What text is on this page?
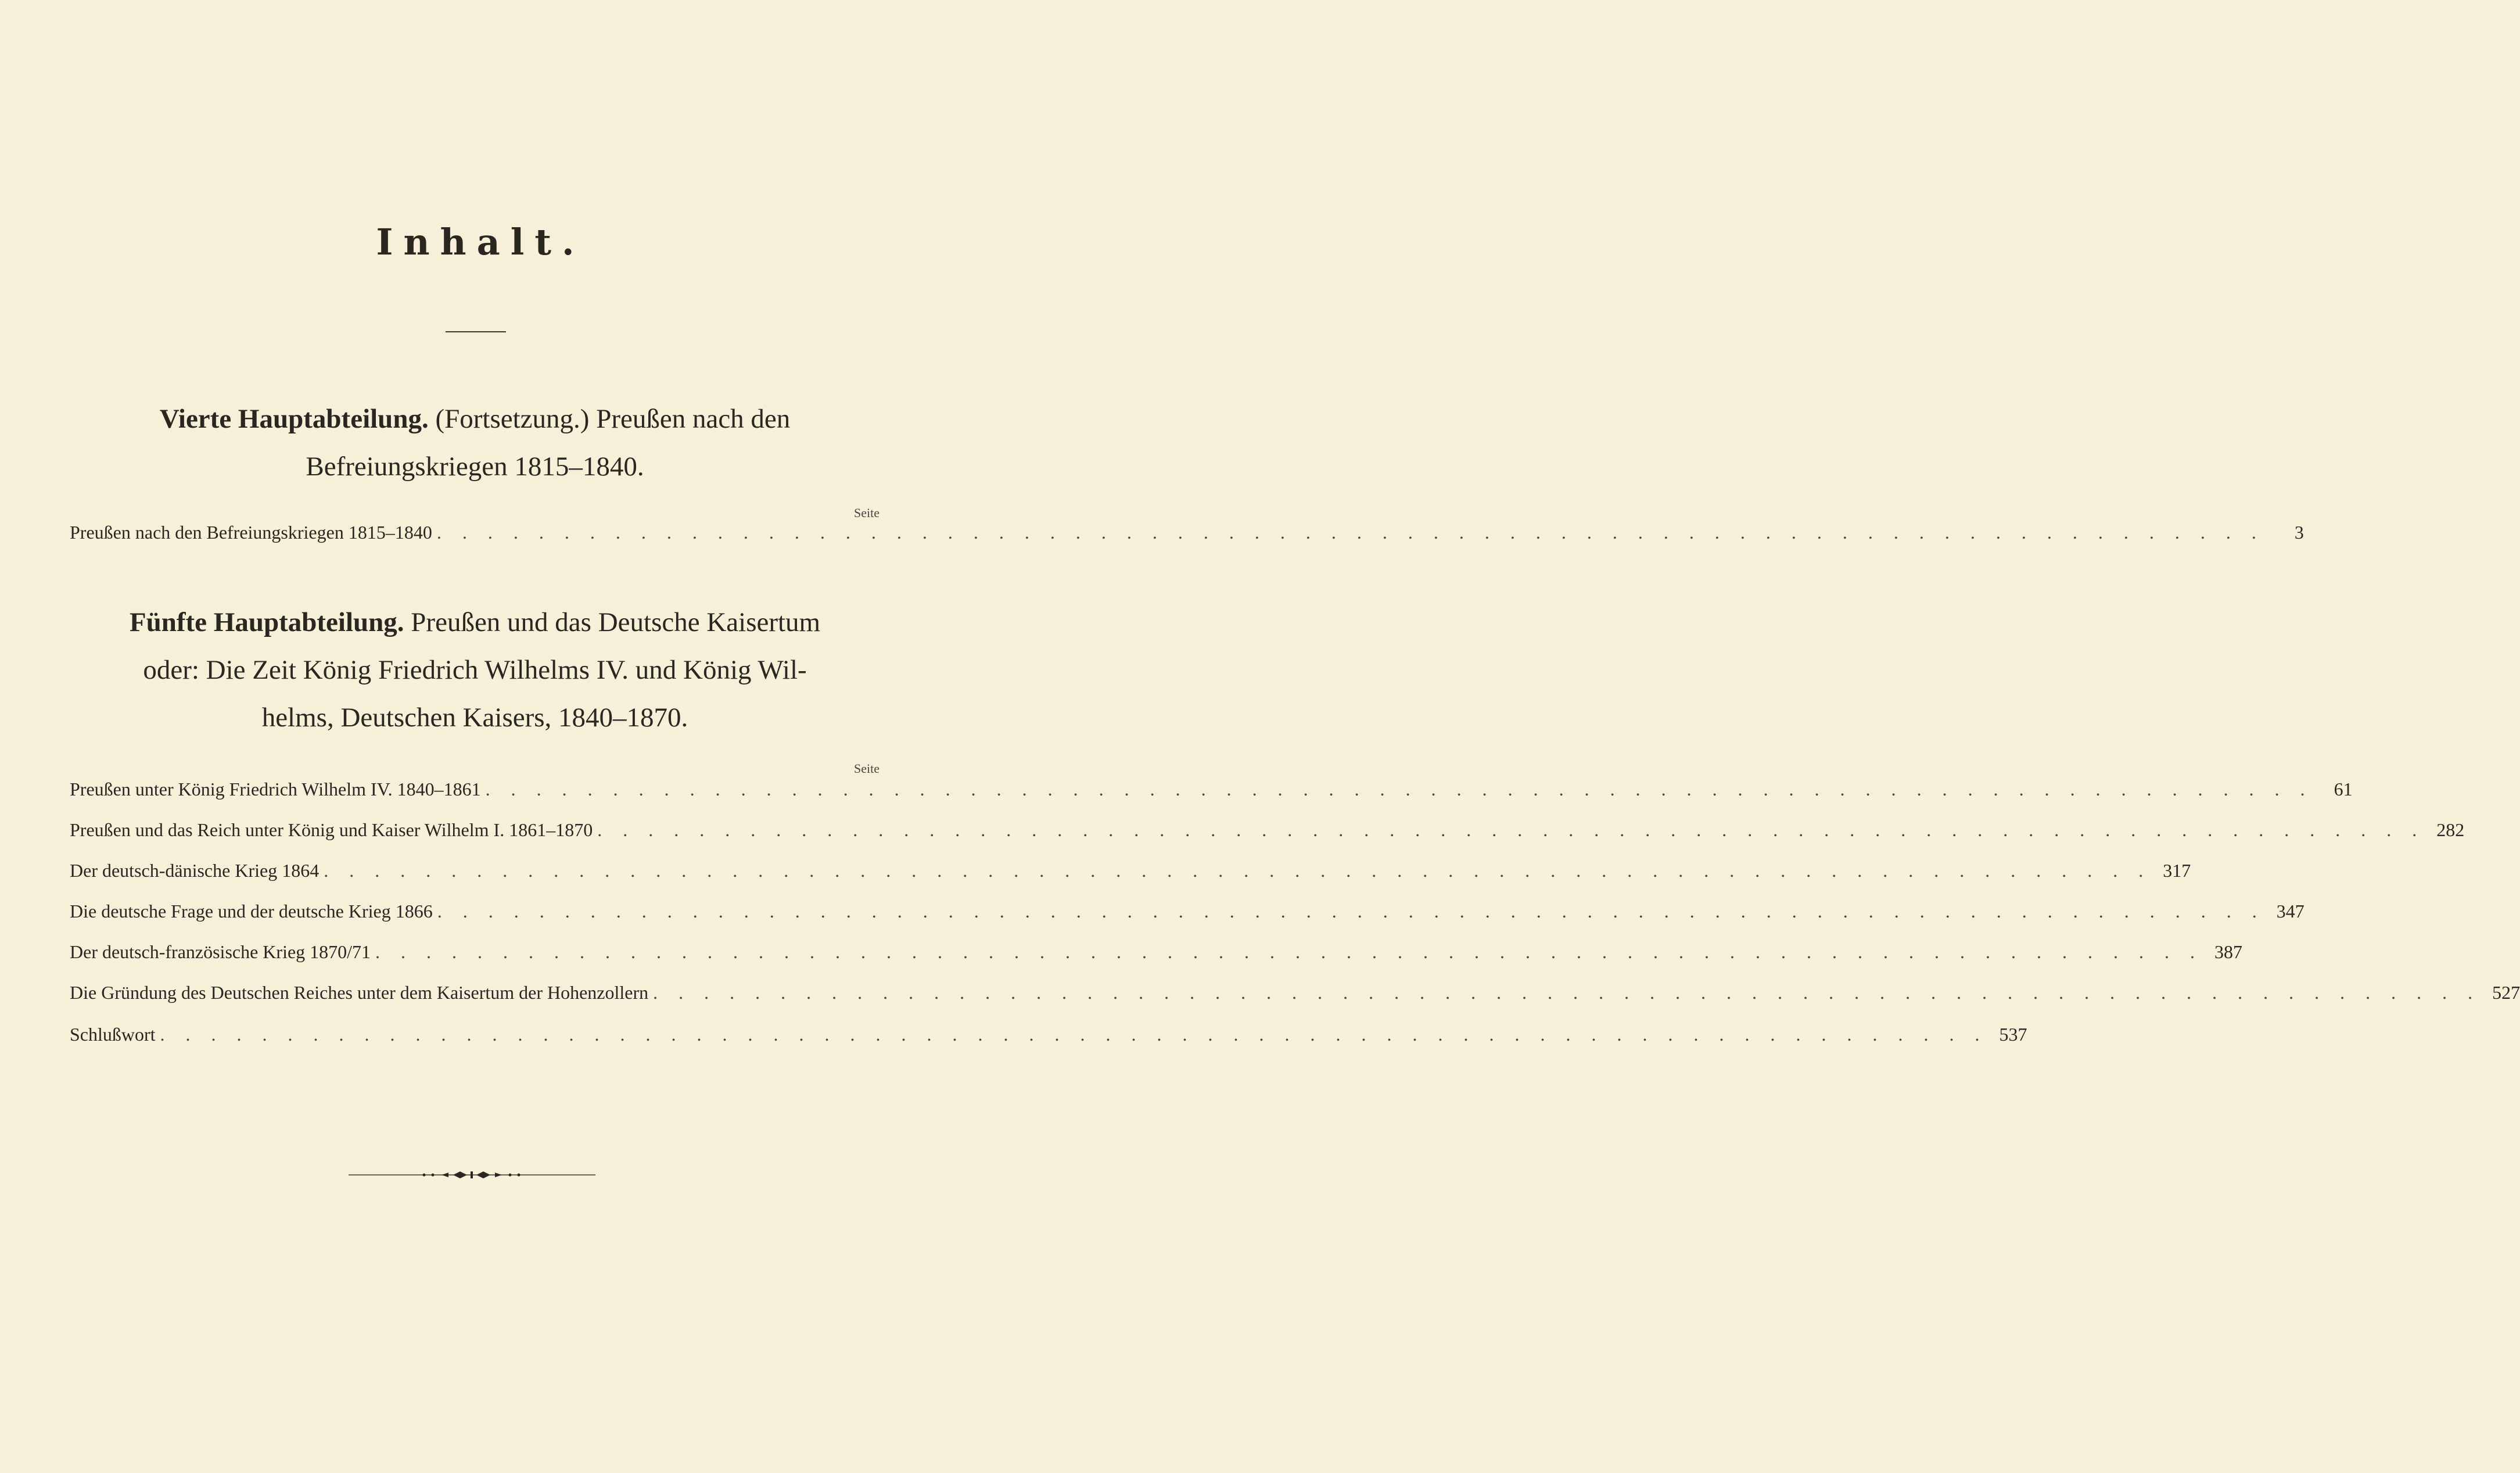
Inhalt.
Vierte Hauptabteilung. (Fortsetzung.) Preußen nach den
Befreiungskriegen 1815–1840.
Seite
Preußen nach den Befreiungskriegen 1815–1840 . . . . . . . . . . . . . . . . . . . . . . . . . . . . . . . . . . . . . . . . . . . . . . . . . . . . . . . . . . . . . . . . . . . . . . . .	3
Fünfte Hauptabteilung. Preußen und das Deutsche Kaisertum
oder: Die Zeit König Friedrich Wilhelms IV. und König Wil-
helms, Deutschen Kaisers, 1840–1870.
Seite
Preußen unter König Friedrich Wilhelm IV. 1840–1861 . . . . . . . . . . . . . . . . . . . . . . . . . . . . . . . . . . . . . . . . . . . . . . . . . . . . . . . . . . . . . . . . . . . . . . . .	61
Preußen und das Reich unter König und Kaiser Wilhelm I. 1861–1870 . . . . . . . . . . . . . . . . . . . . . . . . . . . . . . . . . . . . . . . . . . . . . . . . . . . . . . . . . . . . . . . . . . . . . . . . 282
Der deutsch-dänische Krieg 1864 . . . . . . . . . . . . . . . . . . . . . . . . . . . . . . . . . . . . . . . . . . . . . . . . . . . . . . . . . . . . . . . . . . . . . . . . 317
Die deutsche Frage und der deutsche Krieg 1866 . . . . . . . . . . . . . . . . . . . . . . . . . . . . . . . . . . . . . . . . . . . . . . . . . . . . . . . . . . . . . . . . . . . . . . . . 347
Der deutsch-französische Krieg 1870/71 . . . . . . . . . . . . . . . . . . . . . . . . . . . . . . . . . . . . . . . . . . . . . . . . . . . . . . . . . . . . . . . . . . . . . . . . 387
Die Gründung des Deutschen Reiches unter dem Kaisertum der Hohenzollern . . . . . . . . . . . . . . . . . . . . . . . . . . . . . . . . . . . . . . . . . . . . . . . . . . . . . . . . . . . . . . . . . . . . . . . . 527
Schlußwort . . . . . . . . . . . . . . . . . . . . . . . . . . . . . . . . . . . . . . . . . . . . . . . . . . . . . . . . . . . . . . . . . . . . . . . . 537
